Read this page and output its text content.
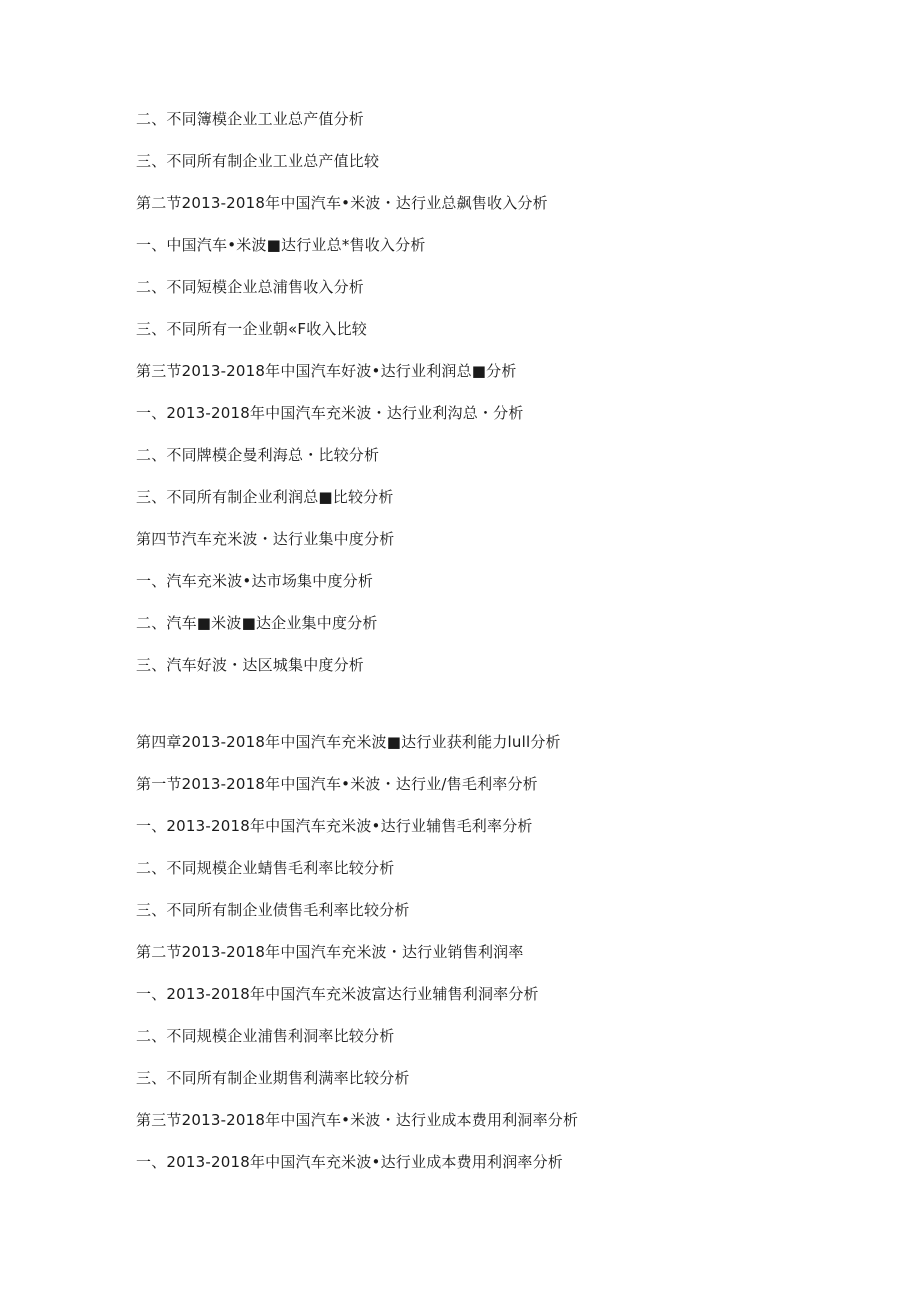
二、不同簿模企业工业总产值分析
三、不同所有制企业工业总产值比较
第二节2013-2018年中国汽车•米波・达行业总飙售收入分析
一、中国汽车•米波■达行业总*售收入分析
二、不同短模企业总浦售收入分析
三、不同所有一企业朝«F收入比较
第三节2013-2018年中国汽车好波•达行业利润总■分析
一、2013-2018年中国汽车充米波・达行业利沟总・分析
二、不同牌模企曼利海总・比较分析
三、不同所有制企业利润总■比较分析
第四节汽车充米波・达行业集中度分析
一、汽车充米波•达市场集中度分析
二、汽车■米波■达企业集中度分析
三、汽车好波・达区城集中度分析
第四章2013-2018年中国汽车充米波■达行业获利能力lull分析
第一节2013-2018年中国汽车•米波・达行业/售毛利率分析
一、2013-2018年中国汽车充米波•达行业辅售毛利率分析
二、不同规模企业蜻售毛利率比较分析
三、不同所有制企业债售毛利率比较分析
第二节2013-2018年中国汽车充米波・达行业销售利润率
一、2013-2018年中国汽车充米波富达行业辅售利洞率分析
二、不同规模企业浦售利洞率比较分析
三、不同所有制企业期售利满率比较分析
第三节2013-2018年中国汽车•米波・达行业成本费用利洞率分析
一、2013-2018年中国汽车充米波•达行业成本费用利润率分析
